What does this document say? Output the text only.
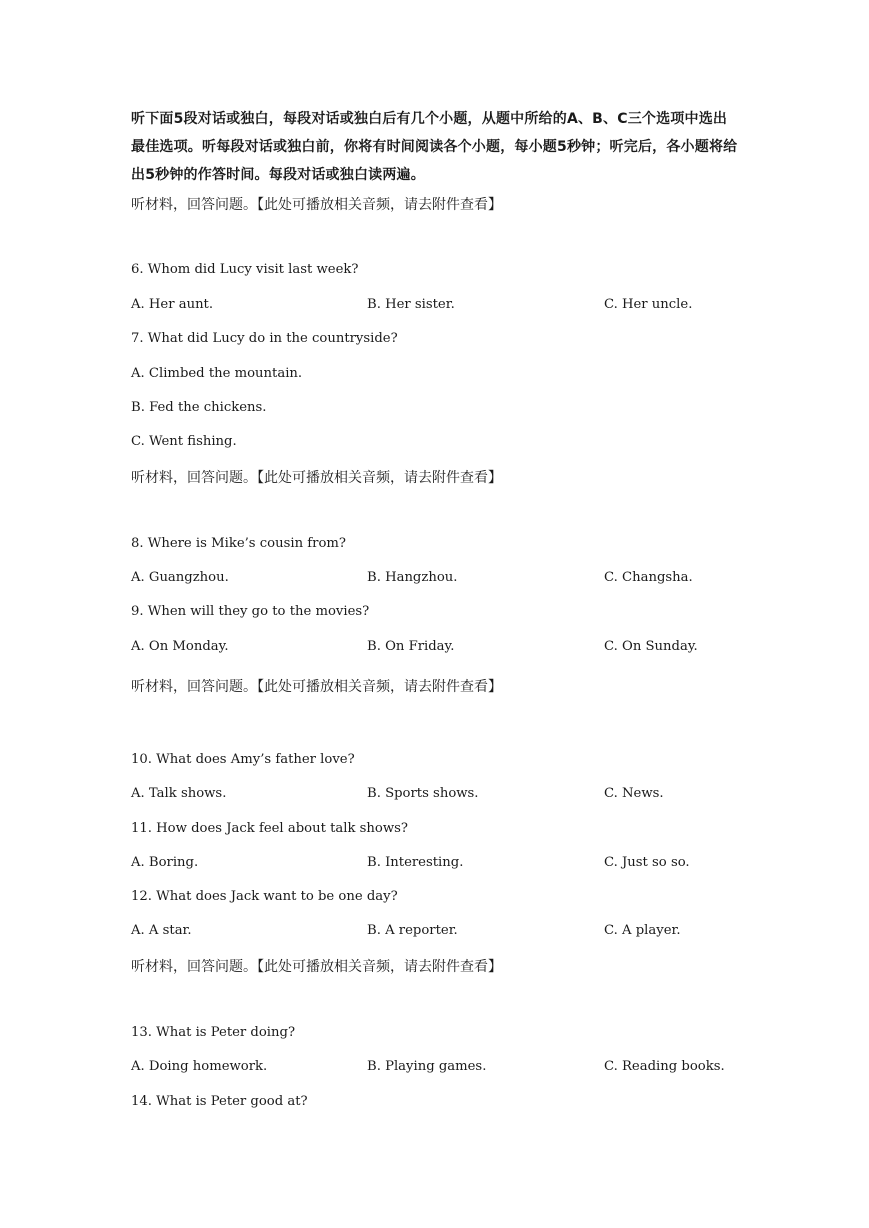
听下面5段对话或独白，每段对话或独白后有几个小题，从题中所给的A、B、C三个选项中选出最佳选项。听每段对话或独白前，你将有时间阅读各个小题，每小题5秒钟；听完后，各小题将给出5秒钟的作答时间。每段对话或独白读两遍。
听材料，回答问题。【此处可播放相关音频，请去附件查看】
6. Whom did Lucy visit last week?
A. Her aunt.	B. Her sister.	C. Her uncle.
7. What did Lucy do in the countryside?
A. Climbed the mountain.
B. Fed the chickens.
C. Went fishing.
听材料，回答问题。【此处可播放相关音频，请去附件查看】
8. Where is Mike’s cousin from?
A. Guangzhou.	B. Hangzhou.	C. Changsha.
9. When will they go to the movies?
A. On Monday.	B. On Friday.	C. On Sunday.
听材料，回答问题。【此处可播放相关音频，请去附件查看】
10. What does Amy’s father love?
A. Talk shows.	B. Sports shows.	C. News.
11. How does Jack feel about talk shows?
A. Boring.	B. Interesting.	C. Just so so.
12. What does Jack want to be one day?
A. A star.	B. A reporter.	C. A player.
听材料，回答问题。【此处可播放相关音频，请去附件查看】
13. What is Peter doing?
A. Doing homework.	B. Playing games.	C. Reading books.
14. What is Peter good at?
